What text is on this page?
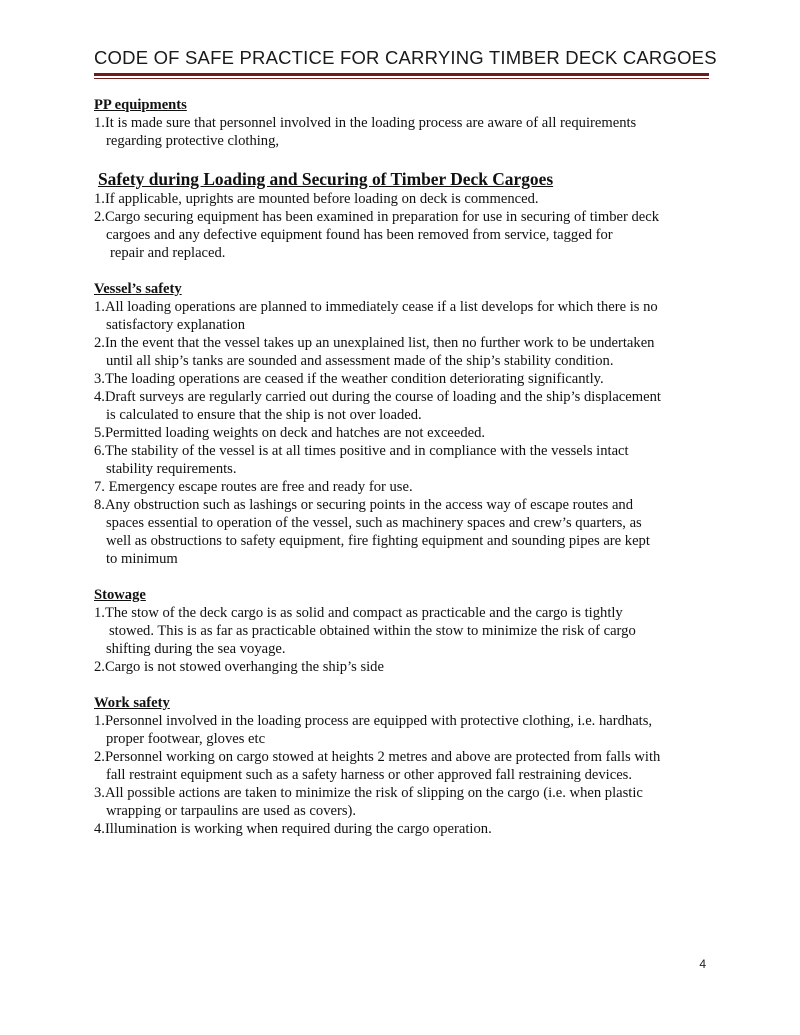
CODE OF SAFE PRACTICE FOR CARRYING TIMBER DECK CARGOES

PP equipments

1.It is made sure that personnel involved in the loading process are aware of all requirements

regarding protective clothing,

Safety during Loading and Securing of Timber Deck Cargoes

1.If applicable, uprights are mounted before loading on deck is commenced.

2.Cargo securing equipment has been examined in preparation for use in securing of timber deck

cargoes and any defective equipment found has been removed from service, tagged for

repair and replaced.

Vessel’s safety

1.All loading operations are planned to immediately cease if a list develops for which there is no

satisfactory explanation

2.In the event that the vessel takes up an unexplained list, then no further work to be undertaken

until all ship’s tanks are sounded and assessment made of the ship’s stability condition.

3.The loading operations are ceased if the weather condition deteriorating significantly.

4.Draft surveys are regularly carried out during the course of loading and the ship’s displacement

is calculated to ensure that the ship is not over loaded.

5.Permitted loading weights on deck and hatches are not exceeded.

6.The stability of the vessel is at all times positive and in compliance with the vessels intact

stability requirements.

7. Emergency escape routes are free and ready for use.

8.Any obstruction such as lashings or securing points in the access way of escape routes and

spaces essential to operation of the vessel, such as machinery spaces and crew’s quarters, as

well as obstructions to safety equipment, fire fighting equipment and sounding pipes are kept

to minimum

Stowage

1.The stow of the deck cargo is as solid and compact as practicable and the cargo is tightly

stowed. This is as far as practicable obtained within the stow to minimize the risk of cargo

shifting during the sea voyage.

2.Cargo is not stowed overhanging the ship’s side

Work safety

1.Personnel involved in the loading process are equipped with protective clothing, i.e. hardhats,

proper footwear, gloves etc

2.Personnel working on cargo stowed at heights 2 metres and above are protected from falls with

fall restraint equipment such as a safety harness or other approved fall restraining devices.

3.All possible actions are taken to minimize the risk of slipping on the cargo (i.e. when plastic

wrapping or tarpaulins are used as covers).

4.Illumination is working when required during the cargo operation.

4
